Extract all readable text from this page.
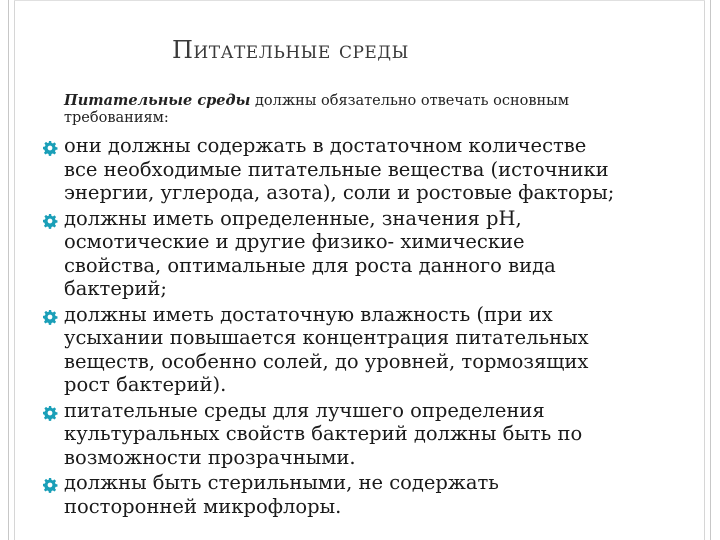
Питательные среды
Питательные среды должны обязательно отвечать основным
требованиям:
они должны содержать в достаточном количестве
все необходимые питательные вещества (источники
энергии, углерода, азота), соли и ростовые факторы;
должны иметь определенные, значения рН,
осмотические и другие физико- химические
свойства, оптимальные для роста данного вида
бактерий;
должны иметь достаточную влажность (при их
усыхании повышается концентрация питательных
веществ, особенно солей, до уровней, тормозящих
рост бактерий).
питательные среды для лучшего определения
культуральных свойств бактерий должны быть по
возможности прозрачными.
должны быть стерильными, не содержать
посторонней микрофлоры.
